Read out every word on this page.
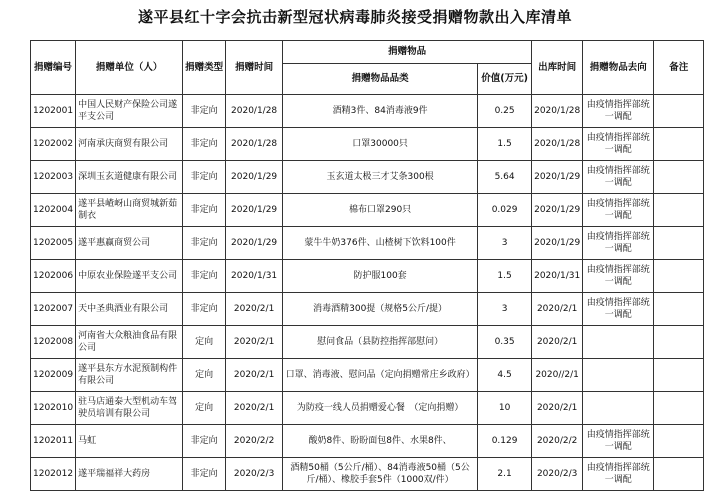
遂平县红十字会抗击新型冠状病毒肺炎接受捐赠物款出入库清单
捐赠编号	捐赠单位（人）	捐赠类型	捐赠时间	捐赠物品		出库时间	捐赠物品去向	备注
				捐赠物品品类	价值(万元)			
1202001	中国人民财产保险公司遂平支公司	非定向	2020/1/28	酒精3件、84消毒液9件	0.25	2020/1/28	由疫情指挥部统一调配	
1202002	河南承庆商贸有限公司	非定向	2020/1/28	口罩30000只	1.5	2020/1/28	由疫情指挥部统一调配	
1202003	深圳玉玄道健康有限公司	非定向	2020/1/29	玉玄道太极三才艾条300根	5.64	2020/1/29	由疫情指挥部统一调配	
1202004	遂平县嵖岈山商贸城新茹制衣	非定向	2020/1/29	棉布口罩290只	0.029	2020/1/29	由疫情指挥部统一调配	
1202005	遂平惠赢商贸公司	非定向	2020/1/29	蒙牛牛奶376件、山楂树下饮料100件	3	2020/1/29	由疫情指挥部统一调配	
1202006	中原农业保险遂平支公司	非定向	2020/1/31	防护服100套	1.5	2020/1/31	由疫情指挥部统一调配	
1202007	天中圣典酒业有限公司	非定向	2020/2/1	消毒酒精300提（规格5公斤/提）	3	2020/2/1	由疫情指挥部统一调配	
1202008	河南省大众粮油食品有限公司	定向	2020/2/1	慰问食品（县防控指挥部慰问）	0.35	2020/2/1		
1202009	遂平县东方水泥预制构件有限公司	定向	2020/2/1	口罩、消毒液、慰问品（定向捐赠常庄乡政府）	4.5	2020//2/1		
1202010	驻马店通泰大型机动车驾驶员培训有限公司	定向	2020/2/1	为防疫一线人员捐赠爱心餐　（定向捐赠）	10	2020/2/1		
1202011	马虹	非定向	2020/2/2	酸奶8件、盼盼面包8件、水果8件、	0.129	2020/2/2	由疫情指挥部统一调配	
1202012	遂平瑞福祥大药房	非定向	2020/2/3	酒精50桶（5公斤/桶）、84消毒液50桶（5公斤/桶）、橡胶手套5件（1000双/件）	2.1	2020/2/3	由疫情指挥部统一调配	
